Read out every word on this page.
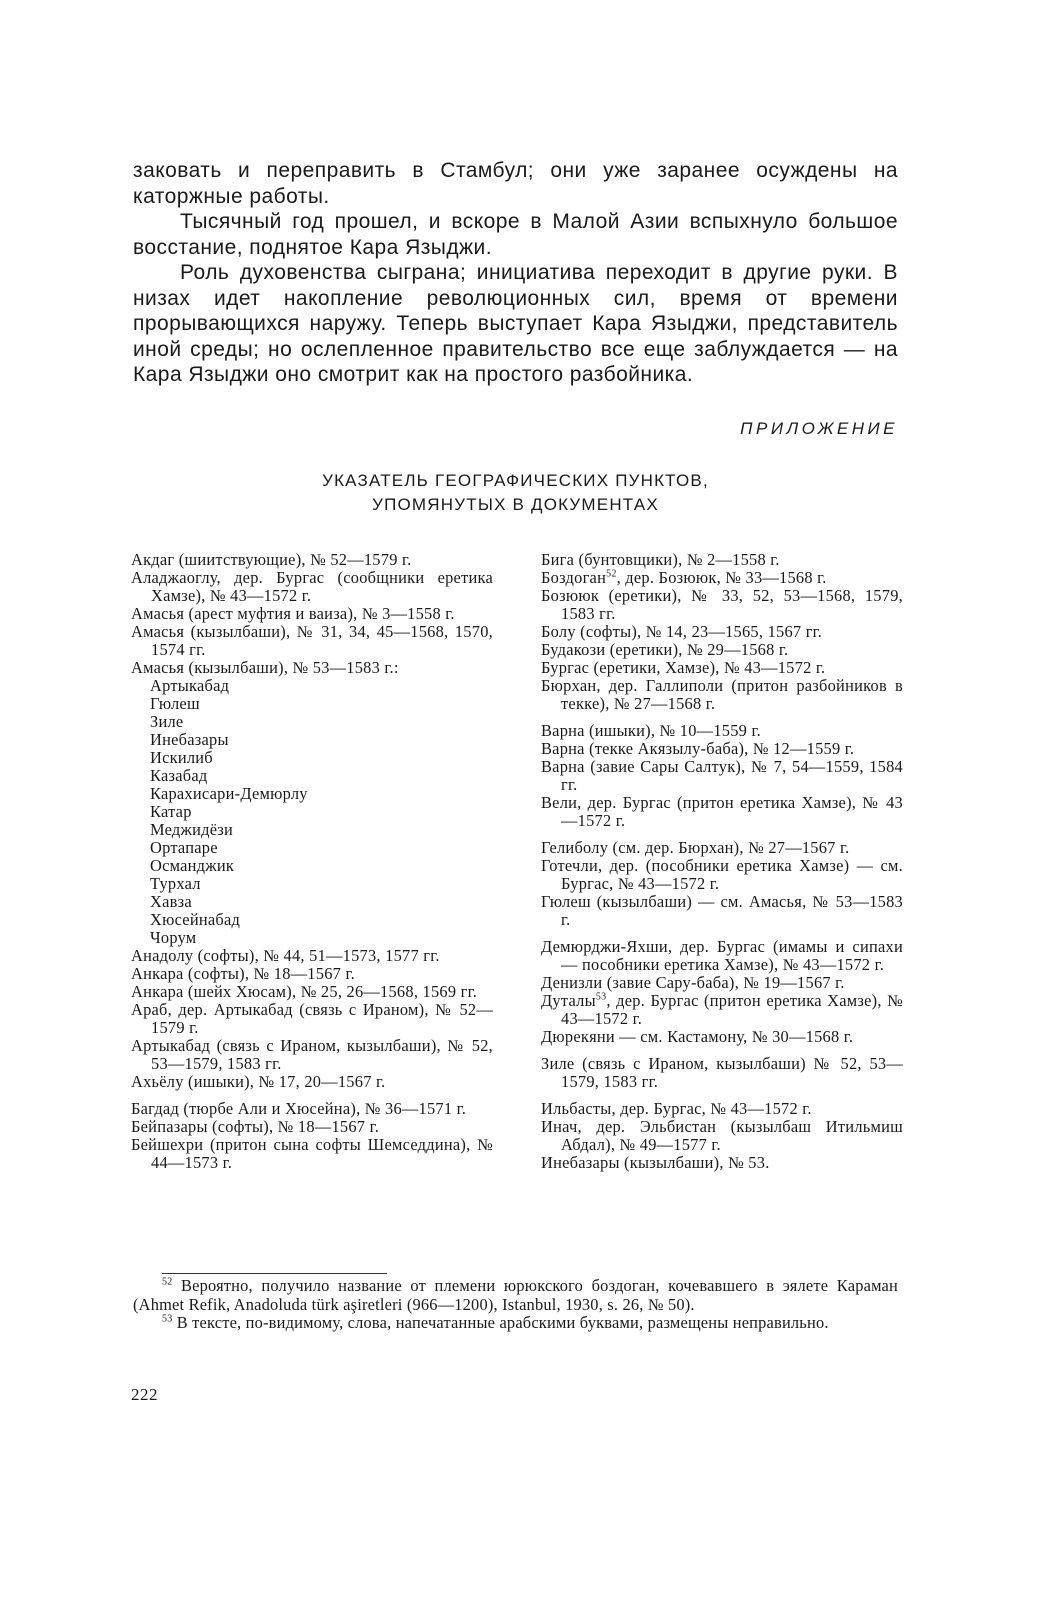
заковать и переправить в Стамбул; они уже заранее осуждены на каторжные работы.

Тысячный год прошел, и вскоре в Малой Азии вспыхнуло большое восстание, поднятое Кара Языджи.

Роль духовенства сыграна; инициатива переходит в другие руки. В низах идет накопление революционных сил, время от времени прорывающихся наружу. Теперь выступает Кара Языджи, представитель иной среды; но ослепленное правительство все еще заблуждается — на Кара Языджи оно смотрит как на простого разбойника.

ПРИЛОЖЕНИЕ
УКАЗАТЕЛЬ ГЕОГРАФИЧЕСКИХ ПУНКТОВ,
УПОМЯНУТЫХ В ДОКУМЕНТАХ

Акдаг (шиитствующие), № 52—1579 г.

Аладжаоглу, дер. Бургас (сообщники еретика Хамзе), № 43—1572 г.

Амасья (арест муфтия и ваиза), № 3—1558 г.

Амасья (кызылбаши), № 31, 34, 45—1568, 1570, 1574 гг.

Амасья (кызылбаши), № 53—1583 г.:

Артыкабад
Гюлеш
Зиле
Инебазары
Искилиб
Казабад
Карахисари-Демюрлу
Катар
Меджидёзи
Ортапаре
Османджик
Турхал
Хавза
Хюсейнабад
Чорум

Анадолу (софты), № 44, 51—1573, 1577 гг.

Анкара (софты), № 18—1567 г.

Анкара (шейх Хюсам), № 25, 26—1568, 1569 гг.

Араб, дер. Артыкабад (связь с Ираном), № 52—1579 г.

Артыкабад (связь с Ираном, кызылбаши), № 52, 53—1579, 1583 гг.

Ахьёлу (ишыки), № 17, 20—1567 г.

Багдад (тюрбе Али и Хюсейна), № 36—1571 г.

Бейпазары (софты), № 18—1567 г.

Бейшехри (притон сына софты Шемседдина), № 44—1573 г.

Бига (бунтовщики), № 2—1558 г.

Боздоган$^{52}$, дер. Бозююк, № 33—1568 г.

Бозююк (еретики), № 33, 52, 53—1568, 1579, 1583 гг.

Болу (софты), № 14, 23—1565, 1567 гг.

Будакози (еретики), № 29—1568 г.

Бургас (еретики, Хамзе), № 43—1572 г.

Бюрхан, дер. Галлиполи (притон разбойников в текке), № 27—1568 г.

Варна (ишыки), № 10—1559 г.

Варна (текке Акязылу-баба), № 12—1559 г.

Варна (завие Сары Салтук), № 7, 54—1559, 1584 гг.

Вели, дер. Бургас (притон еретика Хамзе), № 43—1572 г.

Гелиболу (см. дер. Бюрхан), № 27—1567 г.

Готечли, дер. (пособники еретика Хамзе) — см. Бургас, № 43—1572 г.

Гюлеш (кызылбаши) — см. Амасья, № 53—1583 г.

Демюрджи-Яхши, дер. Бургас (имамы и сипахи — пособники еретика Хамзе), № 43—1572 г.

Денизли (завие Сару-баба), № 19—1567 г.

Дуталы$^{53}$, дер. Бургас (притон еретика Хамзе), № 43—1572 г.

Дюрекяни — см. Кастамону, № 30—1568 г.

Зиле (связь с Ираном, кызылбаши) № 52, 53—1579, 1583 гг.

Ильбасты, дер. Бургас, № 43—1572 г.

Инач, дер. Эльбистан (кызылбаш Итильмиш Абдал), № 49—1577 г.

Инебазары (кызылбаши), № 53.

$^{52}$ Вероятно, получило название от племени юрюкского боздоган, кочевавшего в эялете Караман (Ahmet Refik, Anadoluda türk aşiretleri (966—1200), Istanbul, 1930, s. 26, № 50).

$^{53}$ В тексте, по-видимому, слова, напечатанные арабскими буквами, размещены неправильно.

222
